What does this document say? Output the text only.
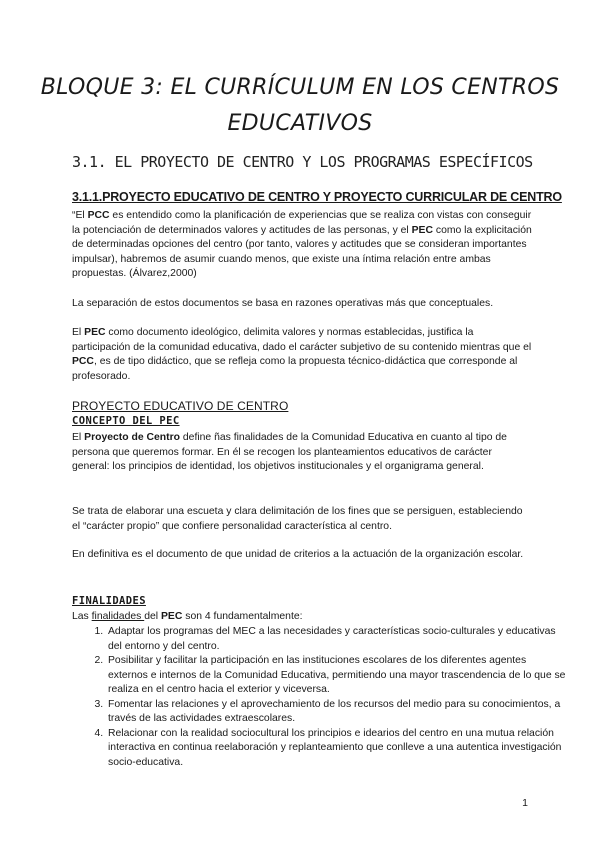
BLOQUE 3: EL CURRÍCULUM EN LOS CENTROS EDUCATIVOS
3.1. EL PROYECTO DE CENTRO Y LOS PROGRAMAS ESPECÍFICOS
3.1.1.PROYECTO EDUCATIVO DE CENTRO Y PROYECTO CURRICULAR DE CENTRO

“El PCC es entendido como la planificación de experiencias que se realiza con vistas con conseguir la potenciación de determinados valores y actitudes de las personas, y el PEC como la explicitación de determinadas opciones del centro (por tanto, valores y actitudes que se consideran importantes impulsar), habremos de asumir cuando menos, que existe una íntima relación entre ambas propuestas. (Álvarez,2000)

La separación de estos documentos se basa en razones operativas más que conceptuales.

El PEC como documento ideológico, delimita valores y normas establecidas, justifica la participación de la comunidad educativa, dado el carácter subjetivo de su contenido mientras que el PCC, es de tipo didáctico, que se refleja como la propuesta técnico-didáctica que corresponde al profesorado.

PROYECTO EDUCATIVO DE CENTRO
CONCEPTO DEL PEC

El Proyecto de Centro define ñas finalidades de la Comunidad Educativa en cuanto al tipo de persona que queremos formar. En él se recogen los planteamientos educativos de carácter general: los principios de identidad, los objetivos institucionales y el organigrama general.

Se trata de elaborar una escueta y clara delimitación de los fines que se persiguen, estableciendo el “carácter propio” que confiere personalidad característica al centro.

En definitiva es el documento de que unidad de criterios a la actuación de la organización escolar.

FINALIDADES

Las finalidades del PEC son 4 fundamentalmente:

1. Adaptar los programas del MEC a las necesidades y características socio-culturales y educativas del entorno y del centro.
2. Posibilitar y facilitar la participación en las instituciones escolares de los diferentes agentes externos e internos de la Comunidad Educativa, permitiendo una mayor trascendencia de lo que se realiza en el centro hacia el exterior y viceversa.
3. Fomentar las relaciones y el aprovechamiento de los recursos del medio para su conocimientos, a través de las actividades extraescolares.
4. Relacionar con la realidad sociocultural los principios e idearios del centro en una mutua relación interactiva en continua reelaboración y replanteamiento que conlleve a una autentica investigación socio-educativa.
1
